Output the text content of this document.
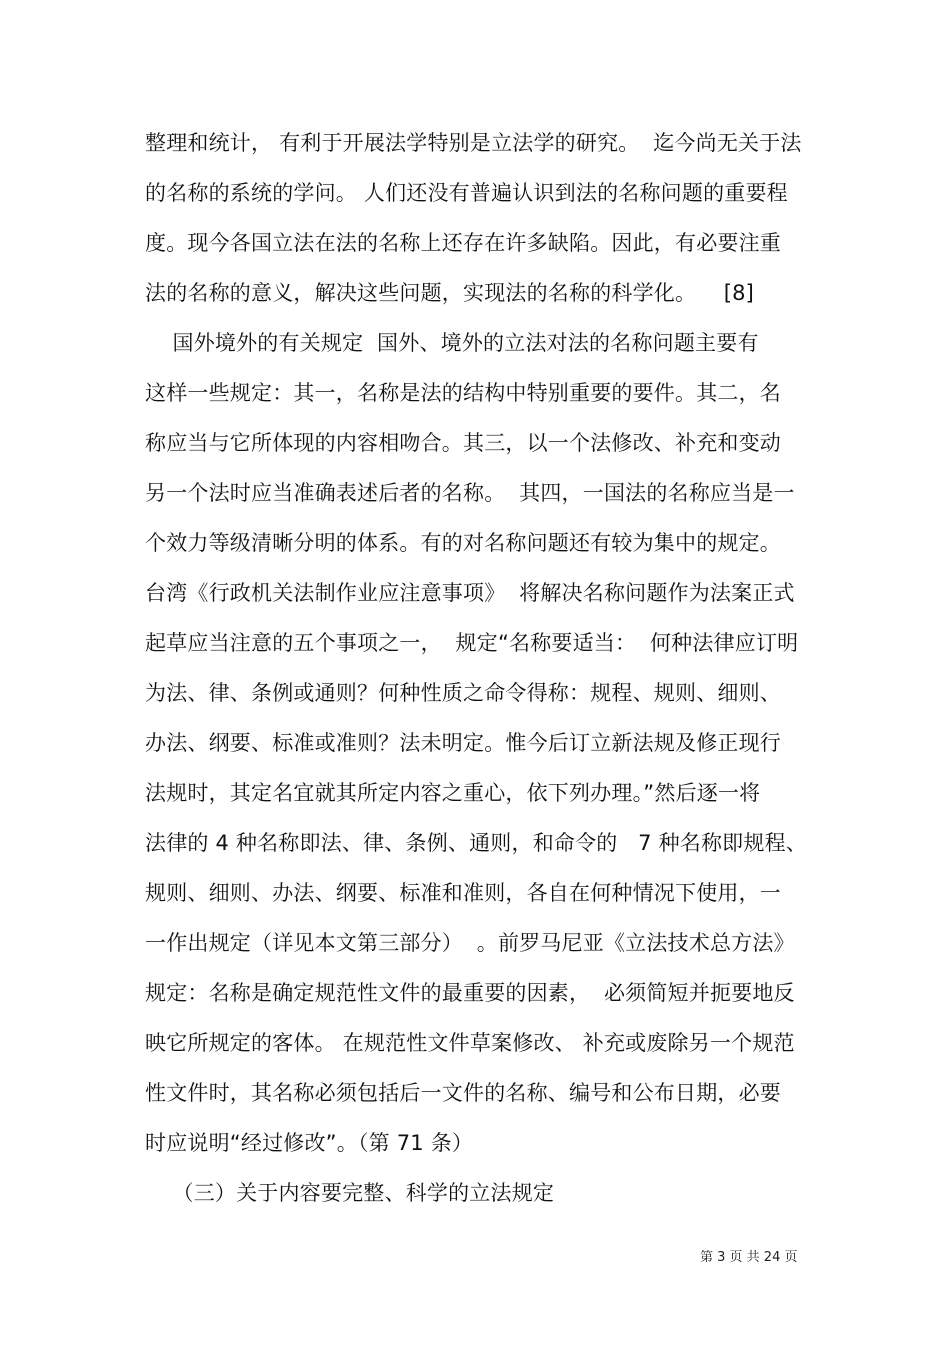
整理和统计， 有利于开展法学特别是立法学的研究。  迄今尚无关于法
的名称的系统的学问。 人们还没有普遍认识到法的名称问题的重要程
度。现今各国立法在法的名称上还存在许多缺陷。因此，有必要注重
法的名称的意义，解决这些问题，实现法的名称的科学化。    [8]
国外境外的有关规定  国外、境外的立法对法的名称问题主要有
这样一些规定：其一，名称是法的结构中特别重要的要件。其二，名
称应当与它所体现的内容相吻合。其三，以一个法修改、补充和变动
另一个法时应当准确表述后者的名称。  其四，一国法的名称应当是一
个效力等级清晰分明的体系。有的对名称问题还有较为集中的规定。
台湾《行政机关法制作业应注意事项》  将解决名称问题作为法案正式
起草应当注意的五个事项之一，  规定“名称要适当：  何种法律应订明
为法、律、条例或通则？何种性质之命令得称：规程、规则、细则、
办法、纲要、标准或准则？法未明定。惟今后订立新法规及修正现行
法规时，其定名宜就其所定内容之重心，依下列办理。”然后逐一将
法律的 4 种名称即法、律、条例、通则，和命令的   7 种名称即规程、
规则、细则、办法、纲要、标准和准则，各自在何种情况下使用，一
一作出规定（详见本文第三部分）  。前罗马尼亚《立法技术总方法》
规定：名称是确定规范性文件的最重要的因素，  必须简短并扼要地反
映它所规定的客体。 在规范性文件草案修改、 补充或废除另一个规范
性文件时，其名称必须包括后一文件的名称、编号和公布日期，必要
时应说明“经过修改”。（第 71 条）
（三）关于内容要完整、科学的立法规定
第 3 页 共 24 页
